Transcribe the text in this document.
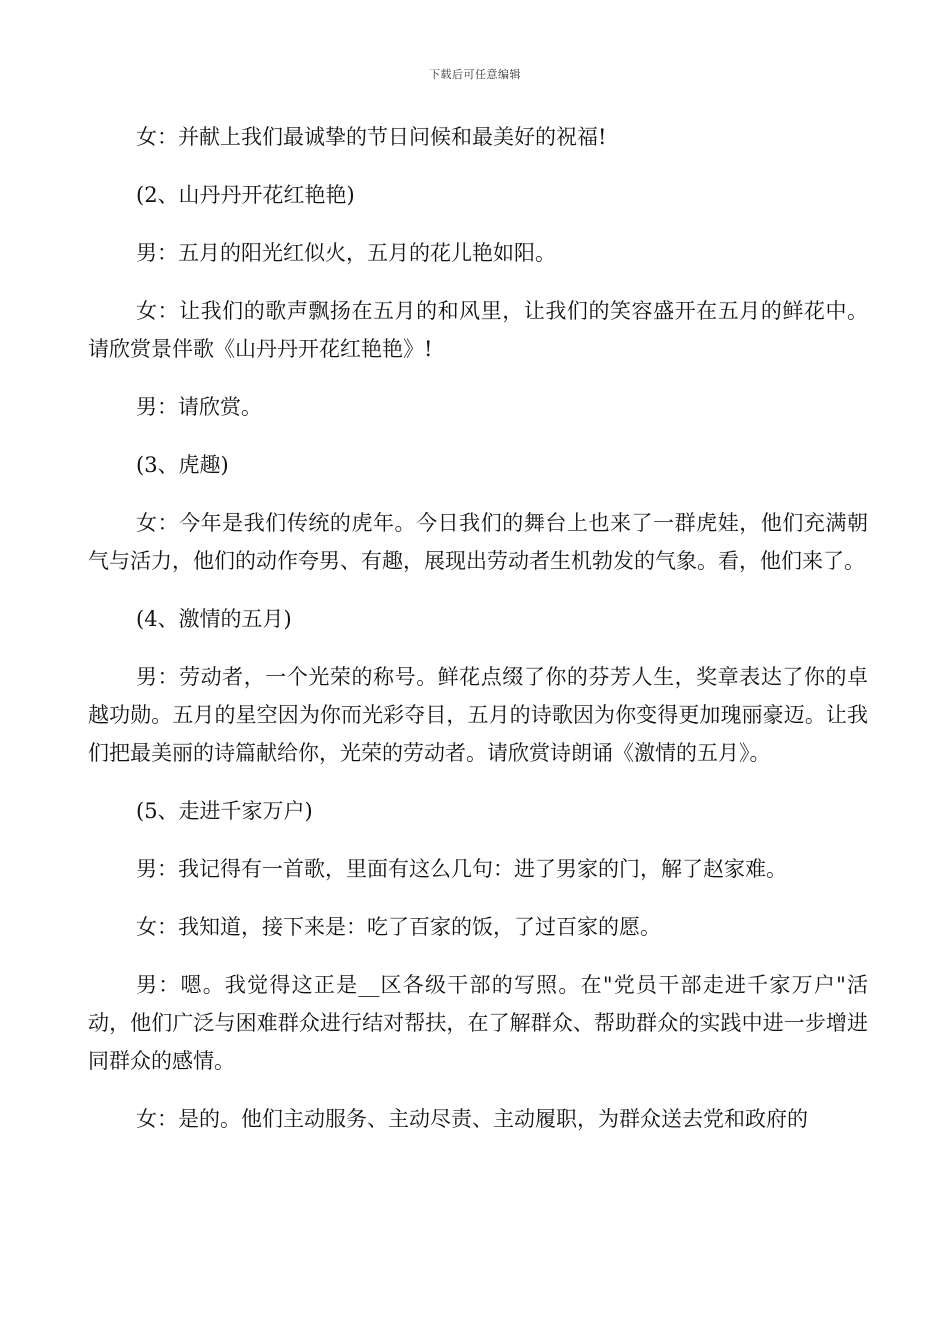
下载后可任意编辑

女：并献上我们最诚挚的节日问候和最美好的祝福!

(2、山丹丹开花红艳艳)

男：五月的阳光红似火，五月的花儿艳如阳。

女：让我们的歌声飘扬在五月的和风里，让我们的笑容盛开在五月的鲜花中。请欣赏景伴歌《山丹丹开花红艳艳》!

男：请欣赏。

(3、虎趣)

女：今年是我们传统的虎年。今日我们的舞台上也来了一群虎娃，他们充满朝气与活力，他们的动作夸男、有趣，展现出劳动者生机勃发的气象。看，他们来了。

(4、激情的五月)

男：劳动者，一个光荣的称号。鲜花点缀了你的芬芳人生，奖章表达了你的卓越功勋。五月的星空因为你而光彩夺目，五月的诗歌因为你变得更加瑰丽豪迈。让我们把最美丽的诗篇献给你，光荣的劳动者。请欣赏诗朗诵《激情的五月》。

(5、走进千家万户)

男：我记得有一首歌，里面有这么几句：进了男家的门，解了赵家难。

女：我知道，接下来是：吃了百家的饭，了过百家的愿。

男：嗯。我觉得这正是__区各级干部的写照。在"党员干部走进千家万户"活动，他们广泛与困难群众进行结对帮扶，在了解群众、帮助群众的实践中进一步增进同群众的感情。

女：是的。他们主动服务、主动尽责、主动履职，为群众送去党和政府的
